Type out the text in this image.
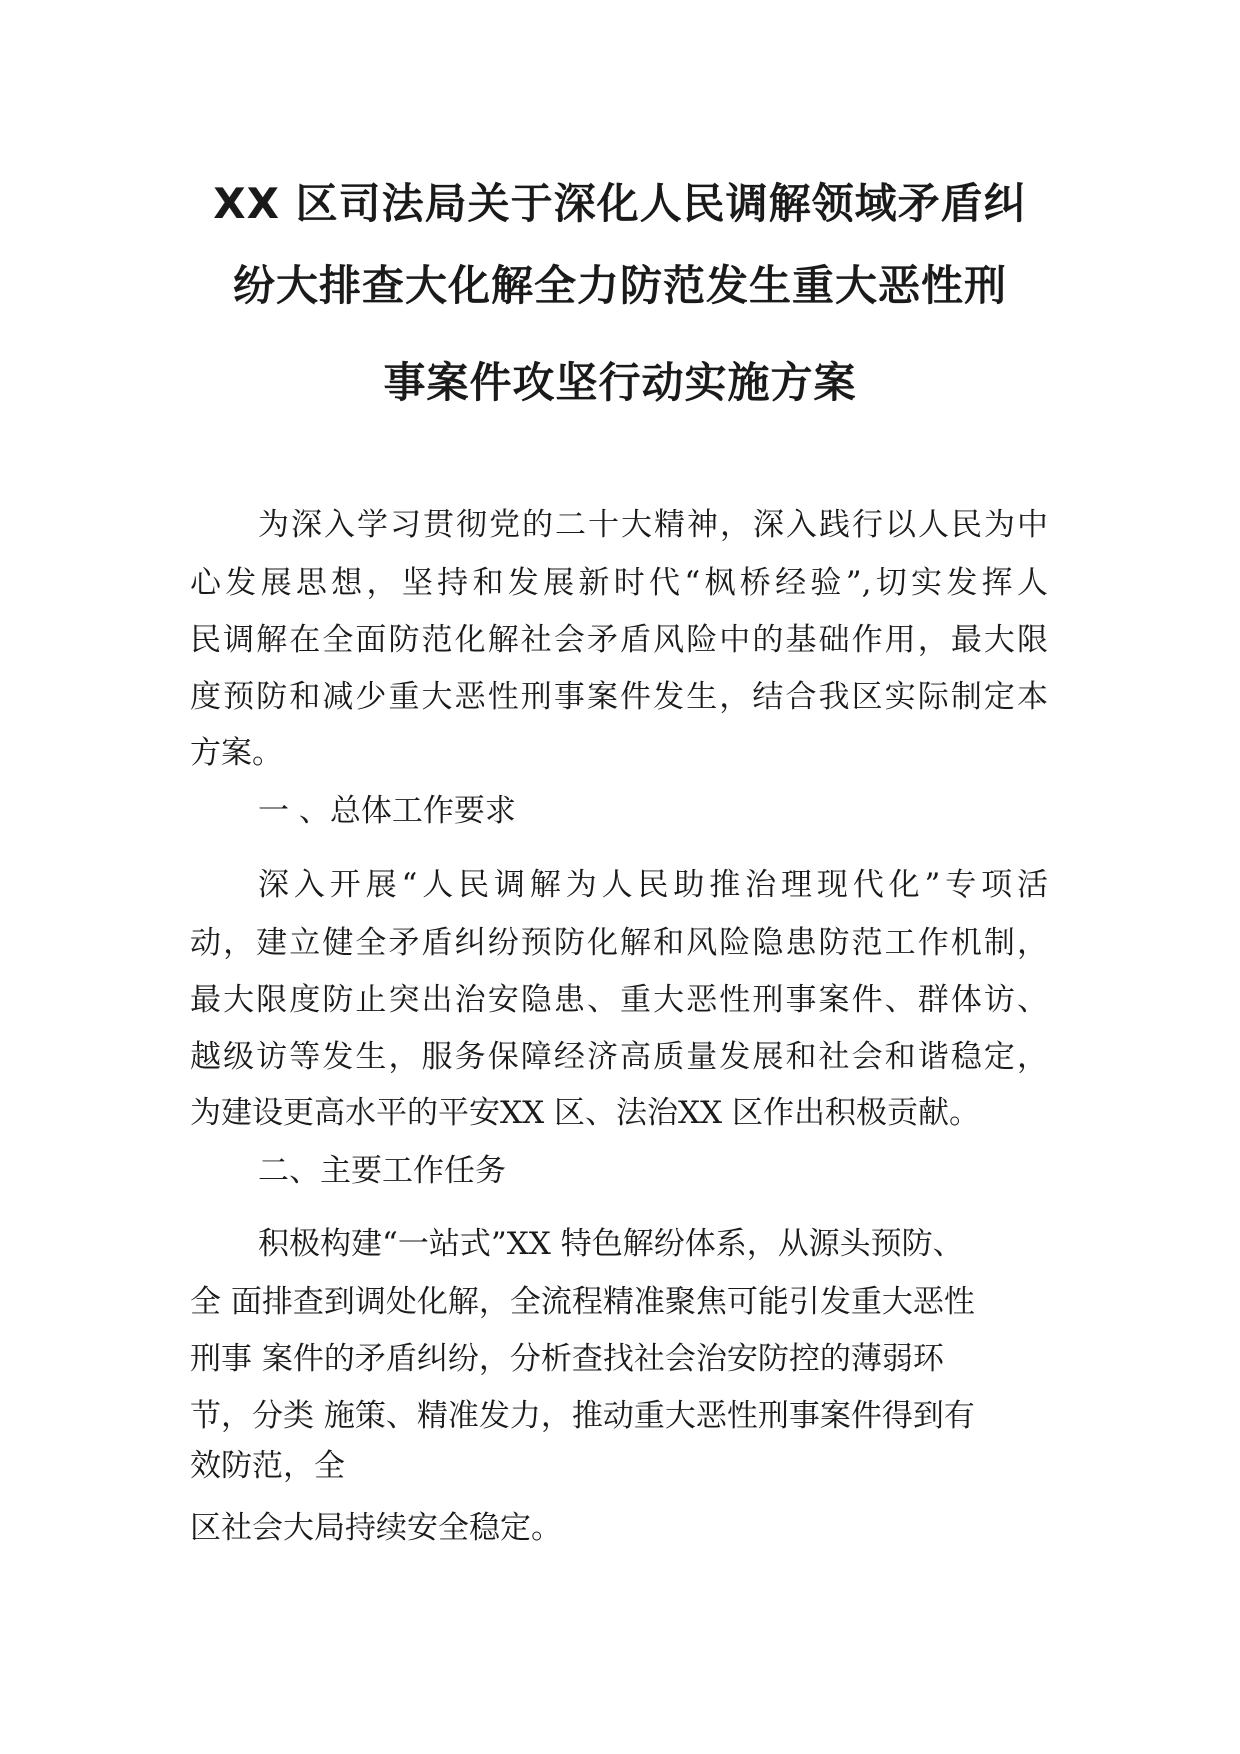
XX 区司法局关于深化人民调解领域矛盾纠
纷大排查大化解全力防范发生重大恶性刑
事案件攻坚行动实施方案
为深入学习贯彻党的二十大精神，深入践行以人民为中
心发展思想，坚持和发展新时代“枫桥经验”,切实发挥人
民调解在全面防范化解社会矛盾风险中的基础作用，最大限
度预防和减少重大恶性刑事案件发生，结合我区实际制定本
方案。
一 、总体工作要求
深入开展“人民调解为人民助推治理现代化”专项活
动，建立健全矛盾纠纷预防化解和风险隐患防范工作机制，
最大限度防止突出治安隐患、重大恶性刑事案件、群体访、
越级访等发生，服务保障经济高质量发展和社会和谐稳定，
为建设更高水平的平安XX 区、法治XX 区作出积极贡献。
二、主要工作任务
积极构建“一站式”XX 特色解纷体系，从源头预防、
全 面排查到调处化解，全流程精准聚焦可能引发重大恶性
刑事 案件的矛盾纠纷，分析查找社会治安防控的薄弱环
节，分类 施策、精准发力，推动重大恶性刑事案件得到有
效防范，全
区社会大局持续安全稳定。
